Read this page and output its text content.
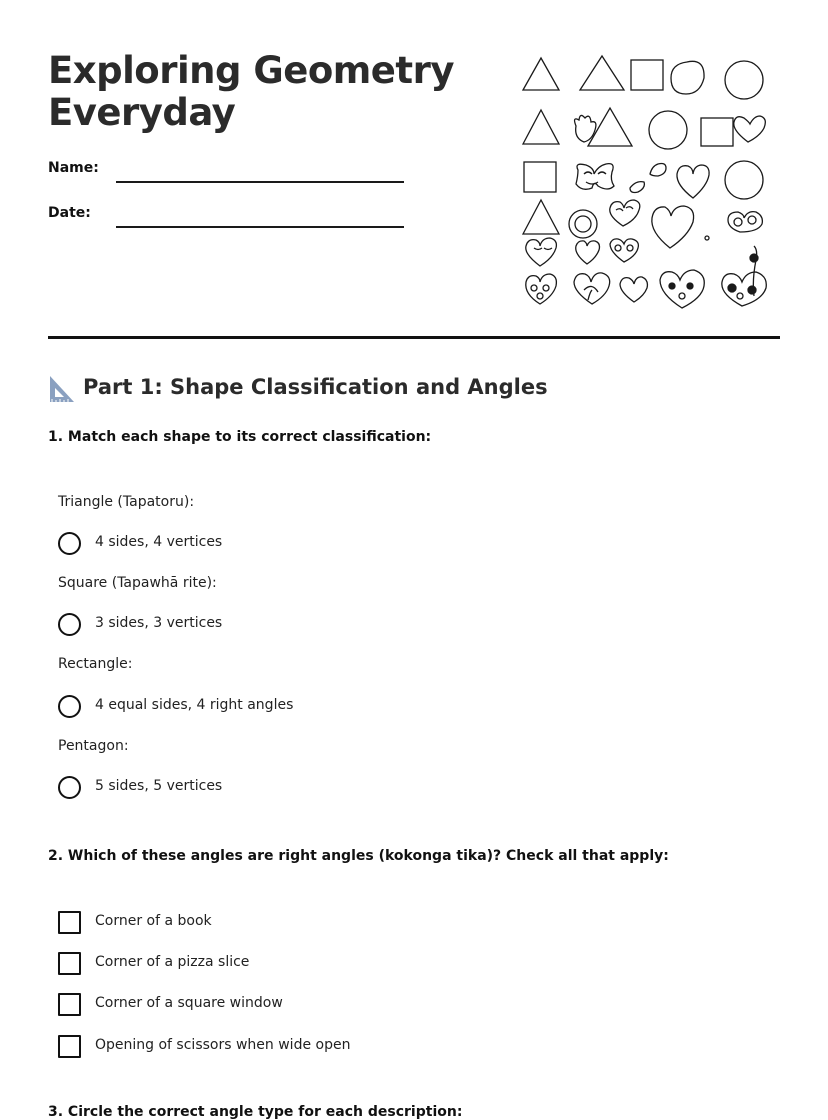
Exploring Geometry
Everyday
Name:
Date:
Part 1: Shape Classification and Angles
1. Match each shape to its correct classification:
Triangle (Tapatoru):
4 sides, 4 vertices
Square (Tapawhā rite):
3 sides, 3 vertices
Rectangle:
4 equal sides, 4 right angles
Pentagon:
5 sides, 5 vertices
2. Which of these angles are right angles (kokonga tika)? Check all that apply:
Corner of a book
Corner of a pizza slice
Corner of a square window
Opening of scissors when wide open
3. Circle the correct angle type for each description:
